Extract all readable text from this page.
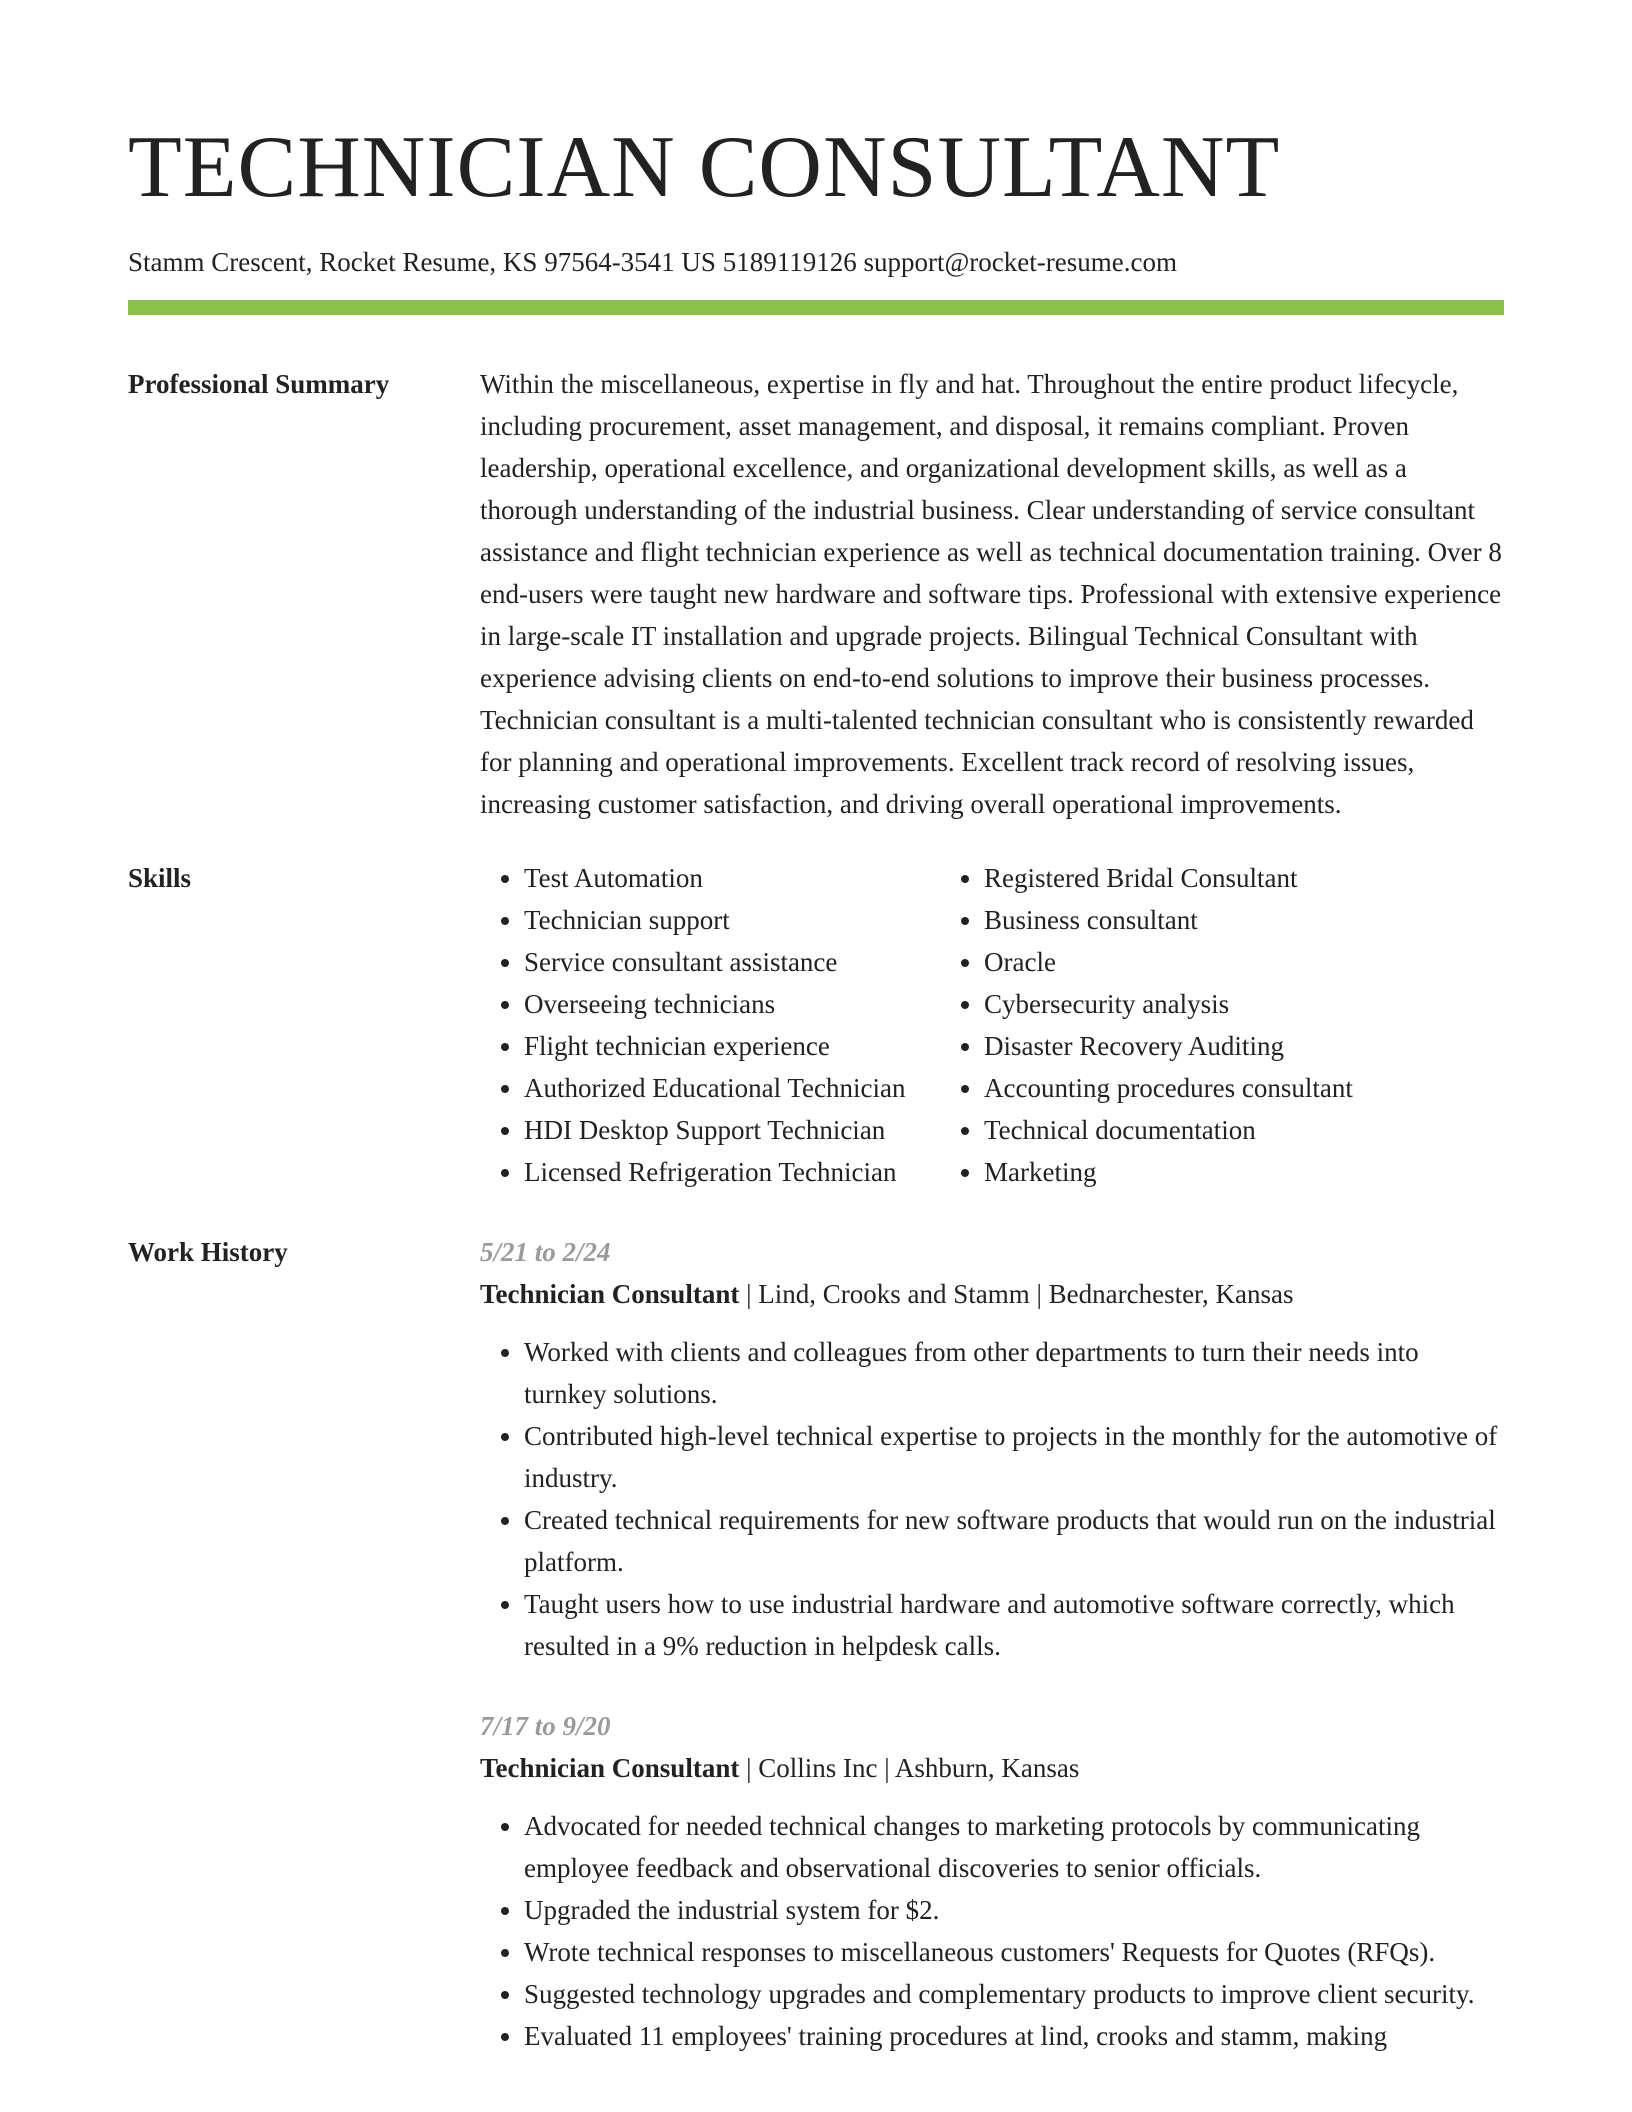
TECHNICIAN CONSULTANT
Stamm Crescent, Rocket Resume, KS 97564-3541 US 5189119126 support@rocket-resume.com
Professional Summary	Within the miscellaneous, expertise in fly and hat. Throughout the entire product lifecycle, including procurement, asset management, and disposal, it remains compliant. Proven leadership, operational excellence, and organizational development skills, as well as a thorough understanding of the industrial business. Clear understanding of service consultant assistance and flight technician experience as well as technical documentation training. Over 8 end-users were taught new hardware and software tips. Professional with extensive experience in large-scale IT installation and upgrade projects. Bilingual Technical Consultant with experience advising clients on end-to-end solutions to improve their business processes. Technician consultant is a multi-talented technician consultant who is consistently rewarded for planning and operational improvements. Excellent track record of resolving issues, increasing customer satisfaction, and driving overall operational improvements.

Skills
•	Test Automation
• Technician support
• Service consultant assistance
• Overseeing technicians
• Flight technician experience
• Authorized Educational Technician
• HDI Desktop Support Technician
• Licensed Refrigeration Technician
• Registered Bridal Consultant
• Business consultant
• Oracle
• Cybersecurity analysis
• Disaster Recovery Auditing
• Accounting procedures consultant
• Technical documentation
• Marketing
Work History	5/21 to 2/24
Technician Consultant | Lind, Crooks and Stamm | Bednarchester, Kansas
• Worked with clients and colleagues from other departments to turn their needs into turnkey solutions.
• Contributed high-level technical expertise to projects in the monthly for the automotive of industry.
• Created technical requirements for new software products that would run on the industrial platform.
• Taught users how to use industrial hardware and automotive software correctly, which resulted in a 9% reduction in helpdesk calls.
7/17 to 9/20
Technician Consultant | Collins Inc | Ashburn, Kansas
• Advocated for needed technical changes to marketing protocols by communicating employee feedback and observational discoveries to senior officials.
• Upgraded the industrial system for $2.
• Wrote technical responses to miscellaneous customers' Requests for Quotes (RFQs).
• Suggested technology upgrades and complementary products to improve client security.
• Evaluated 11 employees' training procedures at lind, crooks and stamm, making
